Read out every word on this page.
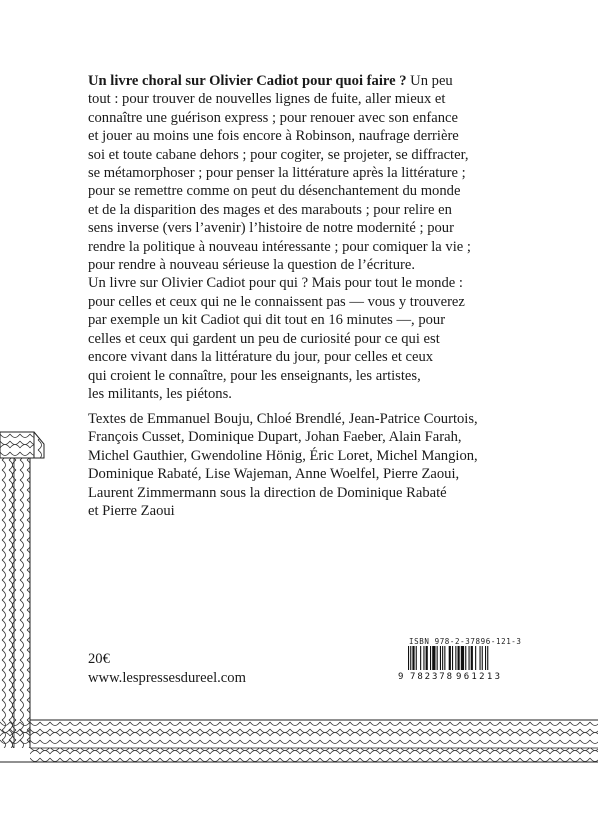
Un livre choral sur Olivier Cadiot pour quoi faire ? Un peu
tout : pour trouver de nouvelles lignes de fuite, aller mieux et
connaître une guérison express ; pour renouer avec son enfance
et jouer au moins une fois encore à Robinson, naufrage derrière
soi et toute cabane dehors ; pour cogiter, se projeter, se diffracter,
se métamorphoser ; pour penser la littérature après la littérature ;
pour se remettre comme on peut du désenchantement du monde
et de la disparition des mages et des marabouts ; pour relire en
sens inverse (vers l’avenir) l’histoire de notre modernité ; pour
rendre la politique à nouveau intéressante ; pour comiquer la vie ;
pour rendre à nouveau sérieuse la question de l’écriture.
Un livre sur Olivier Cadiot pour qui ? Mais pour tout le monde :
pour celles et ceux qui ne le connaissent pas — vous y trouverez
par exemple un kit Cadiot qui dit tout en 16 minutes —, pour
celles et ceux qui gardent un peu de curiosité pour ce qui est
encore vivant dans la littérature du jour, pour celles et ceux
qui croient le connaître, pour les enseignants, les artistes,
les militants, les piétons.
Textes de Emmanuel Bouju, Chloé Brendlé, Jean-Patrice Courtois,
François Cusset, Dominique Dupart, Johan Faeber, Alain Farah,
Michel Gauthier, Gwendoline Hönig, Éric Loret, Michel Mangion,
Dominique Rabaté, Lise Wajeman, Anne Woelfel, Pierre Zaoui,
Laurent Zimmermann sous la direction de Dominique Rabaté
et Pierre Zaoui
20€
www.lespressesdureel.com
ISBN 978-2-37896-121-3
9 782378 961213
